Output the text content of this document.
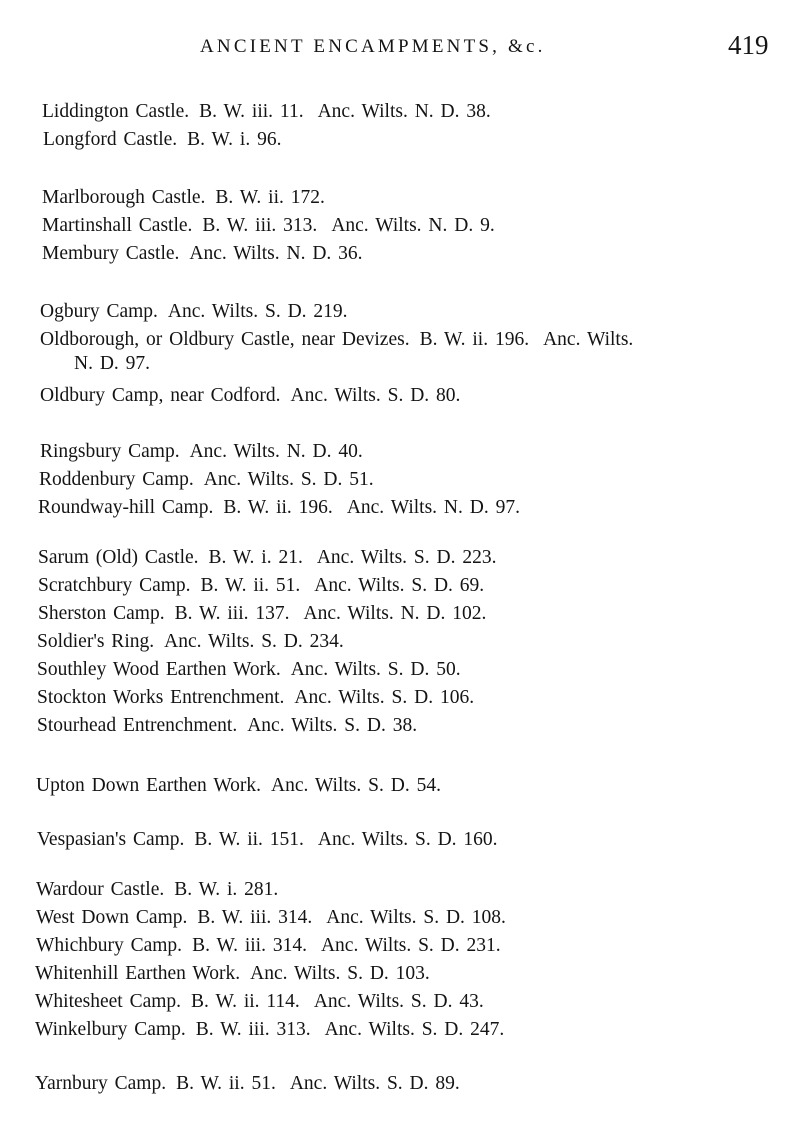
ANCIENT ENCAMPMENTS, &c.	419
Liddington Castle. B. W. iii. 11. Anc. Wilts. N. D. 38.
Longford Castle. B. W. i. 96.
Marlborough Castle. B. W. ii. 172.
Martinshall Castle. B. W. iii. 313. Anc. Wilts. N. D. 9.
Membury Castle. Anc. Wilts. N. D. 36.
Ogbury Camp. Anc. Wilts. S. D. 219.
Oldborough, or Oldbury Castle, near Devizes. B. W. ii. 196. Anc. Wilts.
N. D. 97.
Oldbury Camp, near Codford. Anc. Wilts. S. D. 80.
Ringsbury Camp. Anc. Wilts. N. D. 40.
Roddenbury Camp. Anc. Wilts. S. D. 51.
Roundway-hill Camp. B. W. ii. 196. Anc. Wilts. N. D. 97.
Sarum (Old) Castle. B. W. i. 21. Anc. Wilts. S. D. 223.
Scratchbury Camp. B. W. ii. 51. Anc. Wilts. S. D. 69.
Sherston Camp. B. W. iii. 137. Anc. Wilts. N. D. 102.
Soldier's Ring. Anc. Wilts. S. D. 234.
Southley Wood Earthen Work. Anc. Wilts. S. D. 50.
Stockton Works Entrenchment. Anc. Wilts. S. D. 106.
Stourhead Entrenchment. Anc. Wilts. S. D. 38.
Upton Down Earthen Work. Anc. Wilts. S. D. 54.
Vespasian's Camp. B. W. ii. 151. Anc. Wilts. S. D. 160.
Wardour Castle. B. W. i. 281.
West Down Camp. B. W. iii. 314. Anc. Wilts. S. D. 108.
Whichbury Camp. B. W. iii. 314. Anc. Wilts. S. D. 231.
Whitenhill Earthen Work. Anc. Wilts. S. D. 103.
Whitesheet Camp. B. W. ii. 114. Anc. Wilts. S. D. 43.
Winkelbury Camp. B. W. iii. 313. Anc. Wilts. S. D. 247.
Yarnbury Camp. B. W. ii. 51. Anc. Wilts. S. D. 89.
